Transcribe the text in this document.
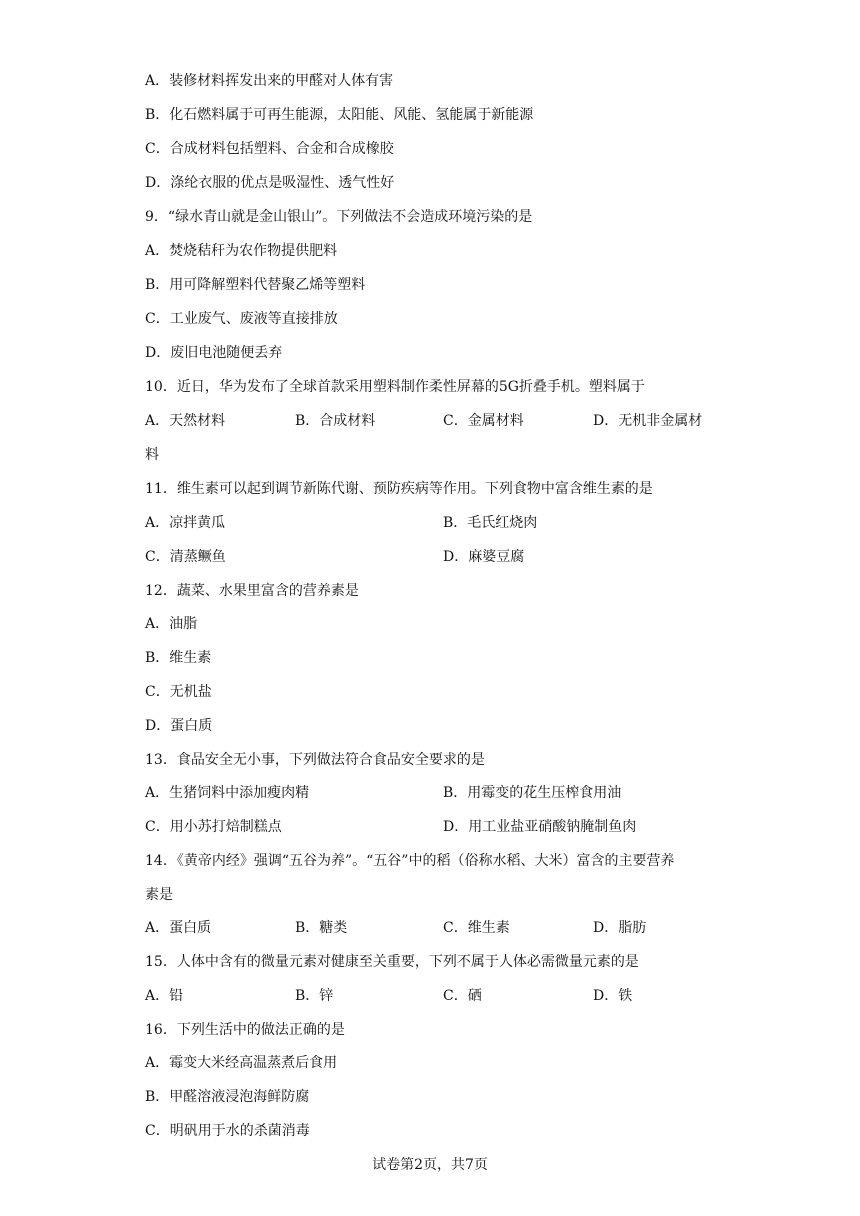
A．装修材料挥发出来的甲醛对人体有害
B．化石燃料属于可再生能源，太阳能、风能、氢能属于新能源
C．合成材料包括塑料、合金和合成橡胶
D．涤纶衣服的优点是吸湿性、透气性好
9．“绿水青山就是金山银山”。下列做法不会造成环境污染的是
A．焚烧秸秆为农作物提供肥料
B．用可降解塑料代替聚乙烯等塑料
C．工业废气、废液等直接排放
D．废旧电池随便丢弃
10．近日，华为发布了全球首款采用塑料制作柔性屏幕的5G折叠手机。塑料属于
A．天然材料	B．合成材料	C．金属材料	D．无机非金属材
料
11．维生素可以起到调节新陈代谢、预防疾病等作用。下列食物中富含维生素的是
A．凉拌黄瓜	B．毛氏红烧肉
C．清蒸鳜鱼	D．麻婆豆腐
12．蔬菜、水果里富含的营养素是
A．油脂
B．维生素
C．无机盐
D．蛋白质
13．食品安全无小事，下列做法符合食品安全要求的是
A．生猪饲料中添加瘦肉精	B．用霉变的花生压榨食用油
C．用小苏打焙制糕点	D．用工业盐亚硝酸钠腌制鱼肉
14．《黄帝内经》强调“五谷为养”。“五谷”中的稻（俗称水稻、大米）富含的主要营养
素是
A．蛋白质	B．糖类	C．维生素	D．脂肪
15．人体中含有的微量元素对健康至关重要，下列不属于人体必需微量元素的是
A．铅	B．锌	C．硒	D．铁
16．下列生活中的做法正确的是
A．霉变大米经高温蒸煮后食用
B．甲醛溶液浸泡海鲜防腐
C．明矾用于水的杀菌消毒
试卷第2页，共7页
